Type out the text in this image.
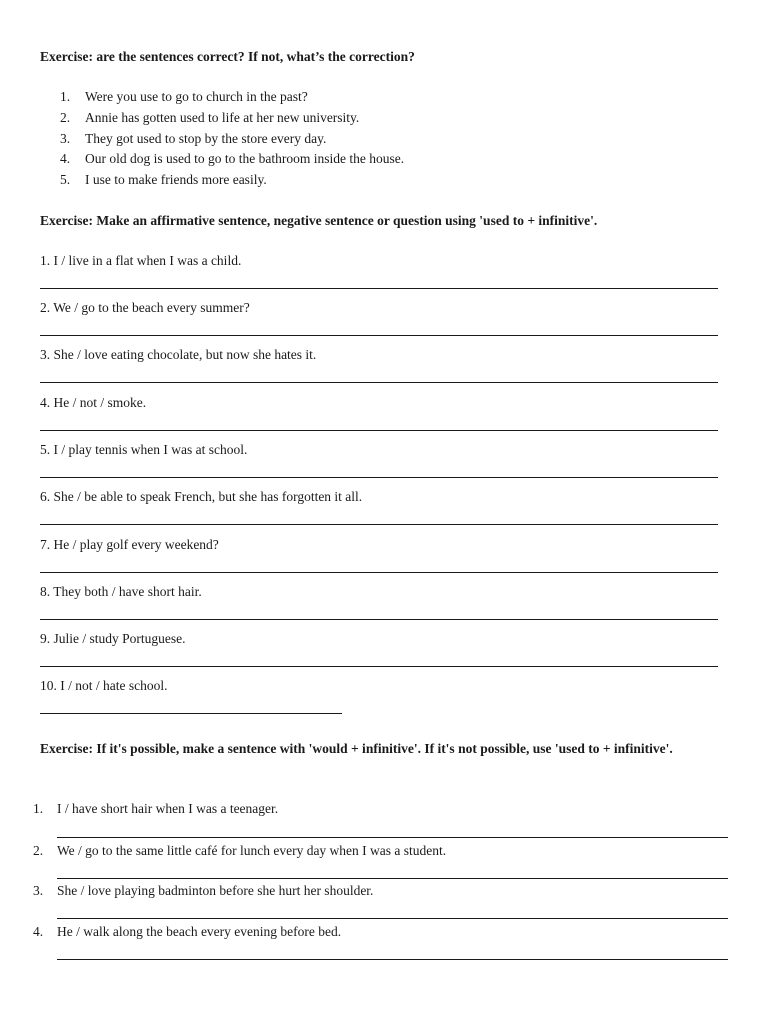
Exercise: are the sentences correct? If not, what’s the correction?
1. Were you use to go to church in the past?
2. Annie has gotten used to life at her new university.
3. They got used to stop by the store every day.
4. Our old dog is used to go to the bathroom inside the house.
5. I use to make friends more easily.
Exercise: Make an affirmative sentence, negative sentence or question using 'used to + infinitive'.
1. I / live in a flat when I was a child.
2. We / go to the beach every summer?
3. She / love eating chocolate, but now she hates it.
4. He / not / smoke.
5. I / play tennis when I was at school.
6. She / be able to speak French, but she has forgotten it all.
7. He / play golf every weekend?
8. They both / have short hair.
9. Julie / study Portuguese.
10. I / not / hate school.
Exercise: If it's possible, make a sentence with 'would + infinitive'. If it's not possible, use 'used to + infinitive'.
1. I / have short hair when I was a teenager.
2. We / go to the same little café for lunch every day when I was a student.
3. She / love playing badminton before she hurt her shoulder.
4. He / walk along the beach every evening before bed.
